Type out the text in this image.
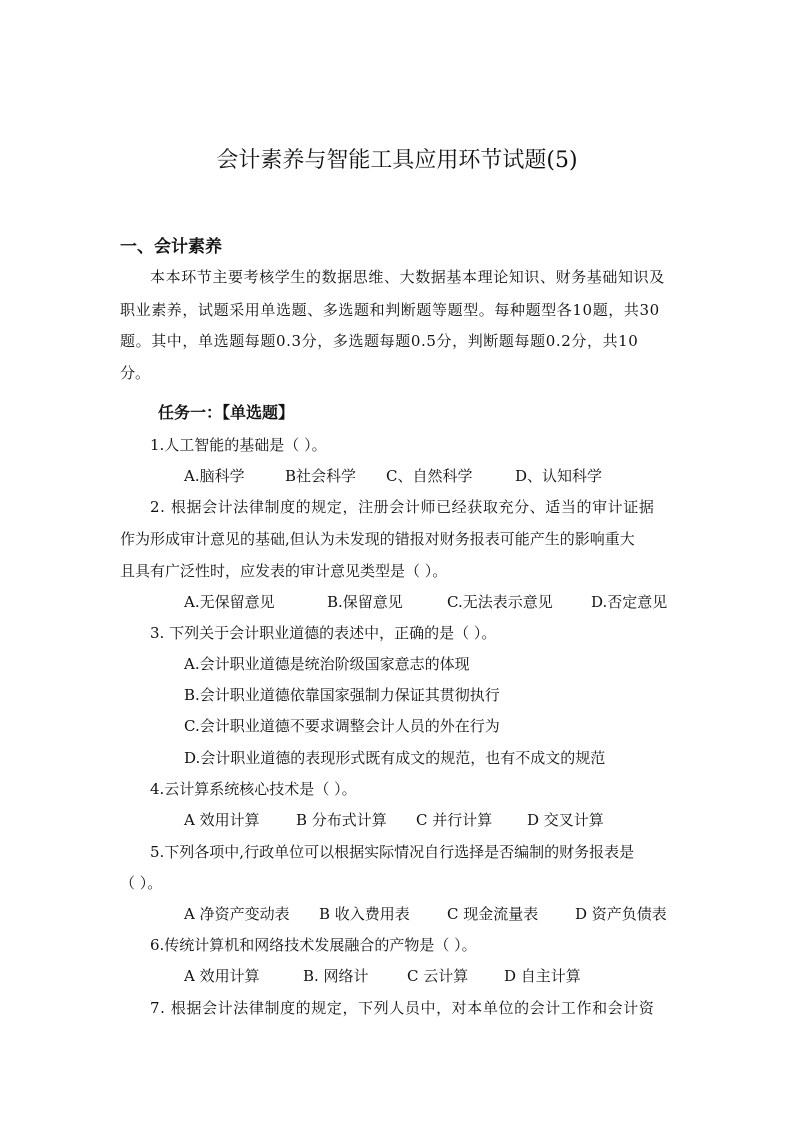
会计素养与智能工具应用环节试题(5)
一、会计素养
本本环节主要考核学生的数据思维、大数据基本理论知识、财务基础知识及
职业素养，试题采用单选题、多选题和判断题等题型。每种题型各10题，共30
题。其中，单选题每题0.3分，多选题每题0.5分，判断题每题0.2分，共10
分。
任务一：【单选题】
1.人工智能的基础是（ ）。
A.脑科学	B社会科学 C、自然科学	D、认知科学
2. 根据会计法律制度的规定，注册会计师已经获取充分、适当的审计证据
作为形成审计意见的基础,但认为未发现的错报对财务报表可能产生的影响重大
且具有广泛性时，应发表的审计意见类型是（ ）。
A.无保留意见	B.保留意见	C.无法表示意见	D.否定意见
3. 下列关于会计职业道德的表述中，正确的是（ ）。
A.会计职业道德是统治阶级国家意志的体现
B.会计职业道德依靠国家强制力保证其贯彻执行
C.会计职业道德不要求调整会计人员的外在行为
D.会计职业道德的表现形式既有成文的规范，也有不成文的规范
4.云计算系统核心技术是（ ）。
A 效用计算 B 分布式计算 C 并行计算 D 交叉计算
5.下列各项中,行政单位可以根据实际情况自行选择是否编制的财务报表是
（ ）。
A 净资产变动表 B 收入费用表 C 现金流量表 D 资产负债表
6.传统计算机和网络技术发展融合的产物是（ ）。
A 效用计算	B. 网络计	C 云计算 D 自主计算
7. 根据会计法律制度的规定，下列人员中，对本单位的会计工作和会计资
